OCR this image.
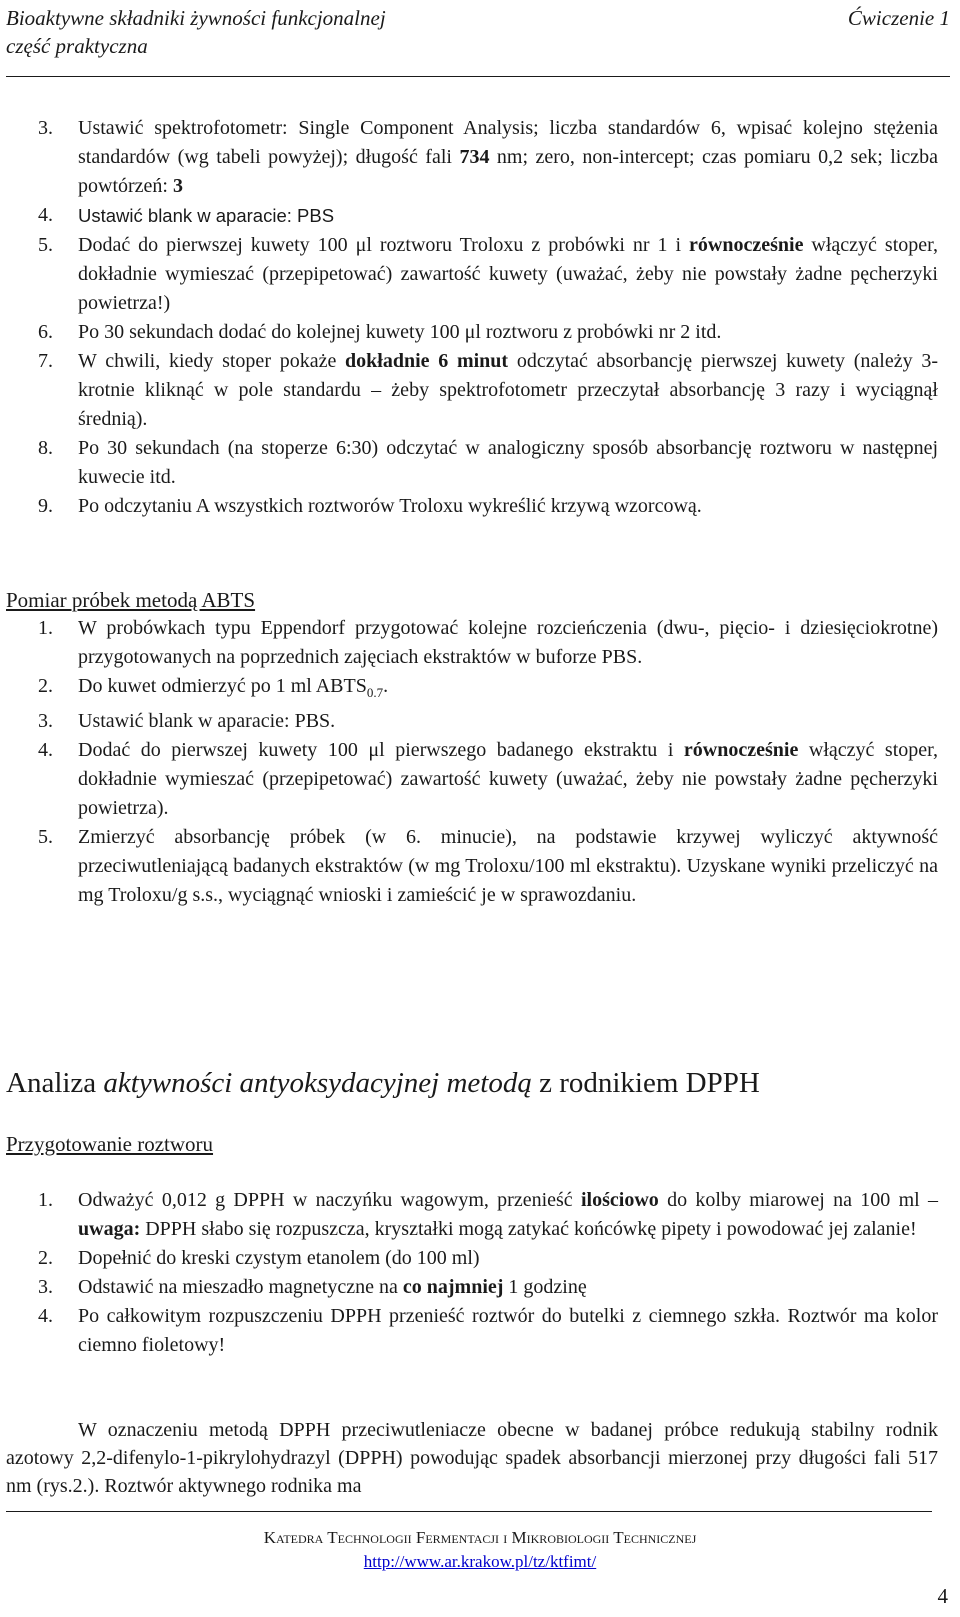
Bioaktywne składniki żywności funkcjonalnej
część praktyczna
Ćwiczenie 1
3. Ustawić spektrofotometr: Single Component Analysis; liczba standardów 6, wpisać kolejno stężenia standardów (wg tabeli powyżej); długość fali 734 nm; zero, non-intercept; czas pomiaru 0,2 sek; liczba powtórzeń: 3
4. Ustawić blank w aparacie: PBS
5. Dodać do pierwszej kuwety 100 μl roztworu Troloxu z probówki nr 1 i równocześnie włączyć stoper, dokładnie wymieszać (przepipetować) zawartość kuwety (uważać, żeby nie powstały żadne pęcherzyki powietrza!)
6. Po 30 sekundach dodać do kolejnej kuwety 100 μl roztworu z probówki nr 2 itd.
7. W chwili, kiedy stoper pokaże dokładnie 6 minut odczytać absorbancję pierwszej kuwety (należy 3-krotnie kliknąć w pole standardu – żeby spektrofotometr przeczytał absorbancję 3 razy i wyciągnął średnią).
8. Po 30 sekundach (na stoperze 6:30) odczytać w analogiczny sposób absorbancję roztworu w następnej kuwecie itd.
9. Po odczytaniu A wszystkich roztworów Troloxu wykreślić krzywą wzorcową.
Pomiar próbek metodą ABTS
1. W probówkach typu Eppendorf przygotować kolejne rozcieńczenia (dwu-, pięcio- i dziesięciokrotne) przygotowanych na poprzednich zajęciach ekstraktów w buforze PBS.
2. Do kuwet odmierzyć po 1 ml $ABTS_{0.7}$.
3. Ustawić blank w aparacie: PBS.
4. Dodać do pierwszej kuwety 100 μl pierwszego badanego ekstraktu i równocześnie włączyć stoper, dokładnie wymieszać (przepipetować) zawartość kuwety (uważać, żeby nie powstały żadne pęcherzyki powietrza).
5. Zmierzyć absorbancję próbek (w 6. minucie), na podstawie krzywej wyliczyć aktywność przeciwutleniającą badanych ekstraktów (w mg Troloxu/100 ml ekstraktu). Uzyskane wyniki przeliczyć na mg Troloxu/g s.s., wyciągnąć wnioski i zamieścić je w sprawozdaniu.
Analiza aktywności antyoksydacyjnej metodą z rodnikiem DPPH
Przygotowanie roztworu
1. Odważyć 0,012 g DPPH w naczyńku wagowym, przenieść ilościowo do kolby miarowej na 100 ml – uwaga: DPPH słabo się rozpuszcza, kryształki mogą zatykać końcówkę pipety i powodować jej zalanie!
2. Dopełnić do kreski czystym etanolem (do 100 ml)
3. Odstawić na mieszadło magnetyczne na co najmniej 1 godzinę
4. Po całkowitym rozpuszczeniu DPPH przenieść roztwór do butelki z ciemnego szkła. Roztwór ma kolor ciemno fioletowy!
W oznaczeniu metodą DPPH przeciwutleniacze obecne w badanej próbce redukują stabilny rodnik azotowy 2,2-difenylo-1-pikrylohydrazyl (DPPH) powodując spadek absorbancji mierzonej przy długości fali 517 nm (rys.2.). Roztwór aktywnego rodnika ma
Katedra Technologii Fermentacji i Mikrobiologii Technicznej
http://www.ar.krakow.pl/tz/ktfimt/
4
